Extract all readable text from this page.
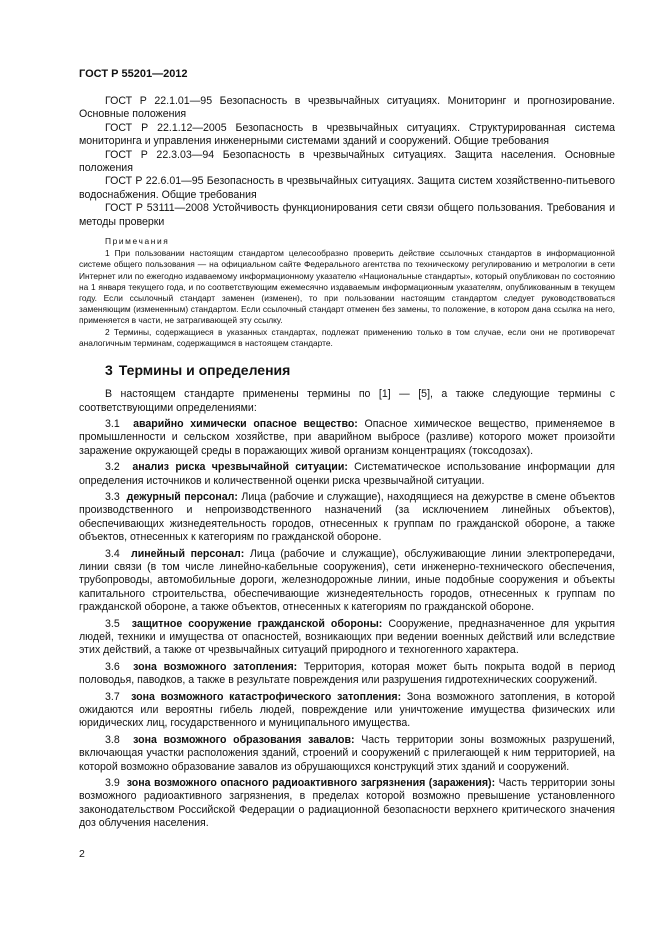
ГОСТ Р 55201—2012

ГОСТ Р 22.1.01—95 Безопасность в чрезвычайных ситуациях. Мониторинг и прогнозирование. Основные положения

ГОСТ Р 22.1.12—2005 Безопасность в чрезвычайных ситуациях. Структурированная система мониторинга и управления инженерными системами зданий и сооружений. Общие требования

ГОСТ Р 22.3.03—94 Безопасность в чрезвычайных ситуациях. Защита населения. Основные положения

ГОСТ Р 22.6.01—95 Безопасность в чрезвычайных ситуациях. Защита систем хозяйственно-питьевого водоснабжения. Общие требования

ГОСТ Р 53111—2008 Устойчивость функционирования сети связи общего пользования. Требования и методы проверки

Примечания

1 При пользовании настоящим стандартом целесообразно проверить действие ссылочных стандартов в информационной системе общего пользования — на официальном сайте Федерального агентства по техническому регулированию и метрологии в сети Интернет или по ежегодно издаваемому информационному указателю «Национальные стандарты», который опубликован по состоянию на 1 января текущего года, и по соответствующим ежемесячно издаваемым информационным указателям, опубликованным в текущем году. Если ссылочный стандарт заменен (изменен), то при пользовании настоящим стандартом следует руководствоваться заменяющим (измененным) стандартом. Если ссылочный стандарт отменен без замены, то положение, в котором дана ссылка на него, применяется в части, не затрагивающей эту ссылку.

2 Термины, содержащиеся в указанных стандартах, подлежат применению только в том случае, если они не противоречат аналогичным терминам, содержащимся в настоящем стандарте.

3 Термины и определения

В настоящем стандарте применены термины по [1] — [5], а также следующие термины с соответствующими определениями:

3.1 аварийно химически опасное вещество: Опасное химическое вещество, применяемое в промышленности и сельском хозяйстве, при аварийном выбросе (разливе) которого может произойти заражение окружающей среды в поражающих живой организм концентрациях (токсодозах).

3.2 анализ риска чрезвычайной ситуации: Систематическое использование информации для определения источников и количественной оценки риска чрезвычайной ситуации.

3.3 дежурный персонал: Лица (рабочие и служащие), находящиеся на дежурстве в смене объектов производственного и непроизводственного назначений (за исключением линейных объектов), обеспечивающих жизнедеятельность городов, отнесенных к группам по гражданской обороне, а также объектов, отнесенных к категориям по гражданской обороне.

3.4 линейный персонал: Лица (рабочие и служащие), обслуживающие линии электропередачи, линии связи (в том числе линейно-кабельные сооружения), сети инженерно-технического обеспечения, трубопроводы, автомобильные дороги, железнодорожные линии, иные подобные сооружения и объекты капитального строительства, обеспечивающие жизнедеятельность городов, отнесенных к группам по гражданской обороне, а также объектов, отнесенных к категориям по гражданской обороне.

3.5 защитное сооружение гражданской обороны: Сооружение, предназначенное для укрытия людей, техники и имущества от опасностей, возникающих при ведении военных действий или вследствие этих действий, а также от чрезвычайных ситуаций природного и техногенного характера.

3.6 зона возможного затопления: Территория, которая может быть покрыта водой в период половодья, паводков, а также в результате повреждения или разрушения гидротехнических сооружений.

3.7 зона возможного катастрофического затопления: Зона возможного затопления, в которой ожидаются или вероятны гибель людей, повреждение или уничтожение имущества физических или юридических лиц, государственного и муниципального имущества.

3.8 зона возможного образования завалов: Часть территории зоны возможных разрушений, включающая участки расположения зданий, строений и сооружений с прилегающей к ним территорией, на которой возможно образование завалов из обрушающихся конструкций этих зданий и сооружений.

3.9 зона возможного опасного радиоактивного загрязнения (заражения): Часть территории зоны возможного радиоактивного загрязнения, в пределах которой возможно превышение установленного законодательством Российской Федерации о радиационной безопасности верхнего критического значения доз облучения населения.

2
